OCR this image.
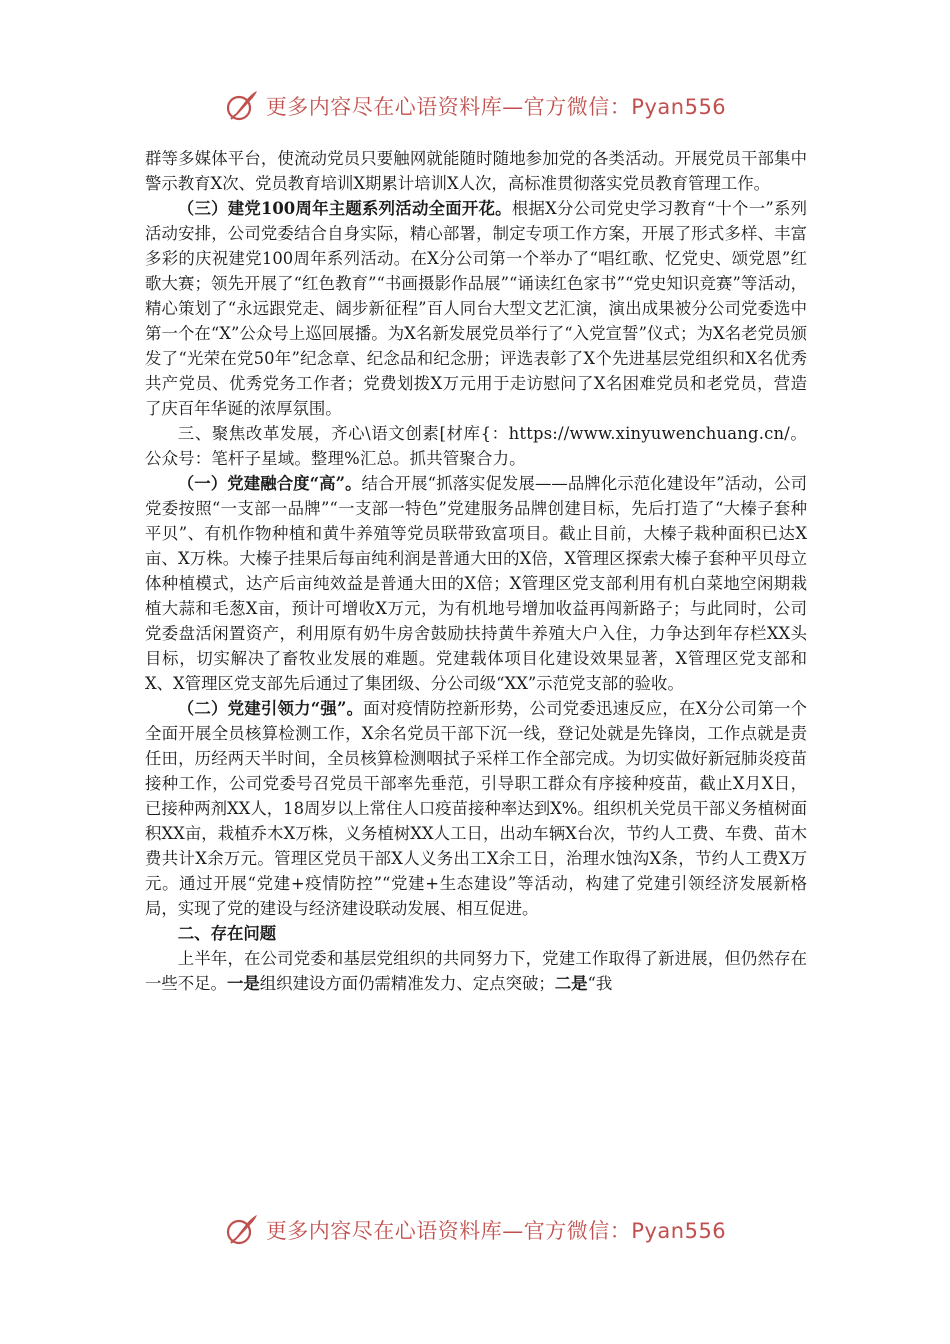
更多内容尽在心语资料库—官方微信：Pyan556

群等多媒体平台，使流动党员只要触网就能随时随地参加党的各类活动。开展党员干部集中警示教育X次、党员教育培训X期累计培训X人次，高标准贯彻落实党员教育管理工作。

（三）建党100周年主题系列活动全面开花。根据X分公司党史学习教育“十个一”系列活动安排，公司党委结合自身实际，精心部署，制定专项工作方案，开展了形式多样、丰富多彩的庆祝建党100周年系列活动。在X分公司第一个举办了“唱红歌、忆党史、颂党恩”红歌大赛；领先开展了“红色教育”“书画摄影作品展”“诵读红色家书”“党史知识竞赛”等活动，精心策划了“永远跟党走、阔步新征程”百人同台大型文艺汇演，演出成果被分公司党委选中第一个在“X”公众号上巡回展播。为X名新发展党员举行了“入党宣誓”仪式；为X名老党员颁发了“光荣在党50年”纪念章、纪念品和纪念册；评选表彰了X个先进基层党组织和X名优秀共产党员、优秀党务工作者；党费划拨X万元用于走访慰问了X名困难党员和老党员，营造了庆百年华诞的浓厚氛围。

三、聚焦改革发展，齐心\语文创素[材库{：https://www.xinyuwenchuang.cn/。公众号：笔杆子星域。整理%汇总。抓共管聚合力。

（一）党建融合度“高”。结合开展“抓落实促发展——品牌化示范化建设年”活动，公司党委按照“一支部一品牌”“一支部一特色”党建服务品牌创建目标，先后打造了“大榛子套种平贝”、有机作物种植和黄牛养殖等党员联带致富项目。截止目前，大榛子栽种面积已达X亩、X万株。大榛子挂果后每亩纯利润是普通大田的X倍，X管理区探索大榛子套种平贝母立体种植模式，达产后亩纯效益是普通大田的X倍；X管理区党支部利用有机白菜地空闲期栽植大蒜和毛葱X亩，预计可增收X万元，为有机地号增加收益再闯新路子；与此同时，公司党委盘活闲置资产，利用原有奶牛房舍鼓励扶持黄牛养殖大户入住，力争达到年存栏XX头目标，切实解决了畜牧业发展的难题。党建载体项目化建设效果显著，X管理区党支部和X、X管理区党支部先后通过了集团级、分公司级“XX”示范党支部的验收。

（二）党建引领力“强”。面对疫情防控新形势，公司党委迅速反应，在X分公司第一个全面开展全员核算检测工作，X余名党员干部下沉一线，登记处就是先锋岗，工作点就是责任田，历经两天半时间，全员核算检测咽拭子采样工作全部完成。为切实做好新冠肺炎疫苗接种工作，公司党委号召党员干部率先垂范，引导职工群众有序接种疫苗，截止X月X日，已接种两剂XX人，18周岁以上常住人口疫苗接种率达到X%。组织机关党员干部义务植树面积XX亩，栽植乔木X万株，义务植树XX人工日，出动车辆X台次，节约人工费、车费、苗木费共计X余万元。管理区党员干部X人义务出工X余工日，治理水蚀沟X条，节约人工费X万元。通过开展“党建+疫情防控”“党建+生态建设”等活动，构建了党建引领经济发展新格局，实现了党的建设与经济建设联动发展、相互促进。

二、存在问题

上半年，在公司党委和基层党组织的共同努力下，党建工作取得了新进展，但仍然存在一些不足。一是组织建设方面仍需精准发力、定点突破；二是“我

更多内容尽在心语资料库—官方微信：Pyan556
